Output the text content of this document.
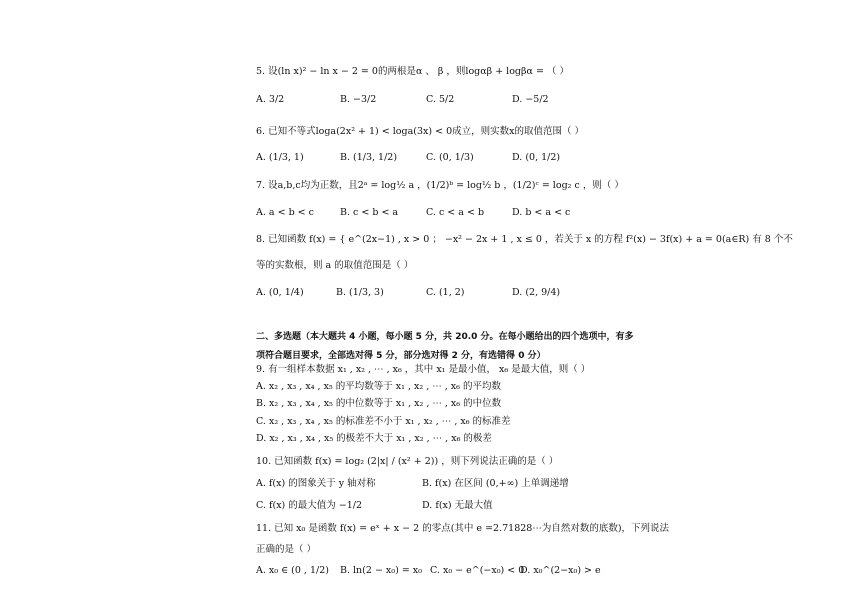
5. 设(ln x)² − ln x − 2 = 0的两根是α 、 β ，则logαβ + logβα = （ ）
A. 3/2	B. −3/2	C. 5/2	D. −5/2
6. 已知不等式loga(2x² + 1) < loga(3x) < 0成立，则实数x的取值范围（ ）
A. (1/3, 1)	B. (1/3, 1/2)	C. (0, 1/3)	D. (0, 1/2)
7. 设a,b,c均为正数，且2ᵃ = log½ a ，(1/2)ᵇ = log½ b ，(1/2)ᶜ = log₂ c ，则（ ）
A. a < b < c	B. c < b < a	C. c < a < b	D. b < a < c
8. 已知函数 f(x) = { e^(2x−1) , x > 0 ； −x² − 2x + 1 , x ≤ 0 ，若关于 x 的方程 f²(x) − 3f(x) + a = 0(a∈R) 有 8 个不
等的实数根，则 a 的取值范围是（ ）
A. (0, 1/4)	B. (1/3, 3)	C. (1, 2)	D. (2, 9/4)
二、多选题（本大题共 4 小题，每小题 5 分，共 20.0 分。在每小题给出的四个选项中，有多
项符合题目要求，全部选对得 5 分，部分选对得 2 分，有选错得 0 分）
9. 有一组样本数据 x₁ , x₂ , ⋯ , x₆ ，其中 x₁ 是最小值， x₆ 是最大值，则（ ）
A. x₂ , x₃ , x₄ , x₅ 的平均数等于 x₁ , x₂ , ⋯ , x₆ 的平均数
B. x₂ , x₃ , x₄ , x₅ 的中位数等于 x₁ , x₂ , ⋯ , x₆ 的中位数
C. x₂ , x₃ , x₄ , x₅ 的标准差不小于 x₁ , x₂ , ⋯ , x₆ 的标准差
D. x₂ , x₃ , x₄ , x₅ 的极差不大于 x₁ , x₂ , ⋯ , x₆ 的极差
10. 已知函数 f(x) = log₂ (2|x| / (x² + 2)) ，则下列说法正确的是（ ）
A. f(x) 的图象关于 y 轴对称	B. f(x) 在区间 (0,+∞) 上单调递增
C. f(x) 的最大值为 −1/2	D. f(x) 无最大值
11. 已知 x₀ 是函数 f(x) = eˣ + x − 2 的零点(其中 e =2.71828⋯为自然对数的底数)，下列说法
正确的是（ ）
A. x₀ ∈ (0 , 1/2) B. ln(2 − x₀) = x₀ C. x₀ − e^(−x₀) < 0
D. x₀^(2−x₀) > e
